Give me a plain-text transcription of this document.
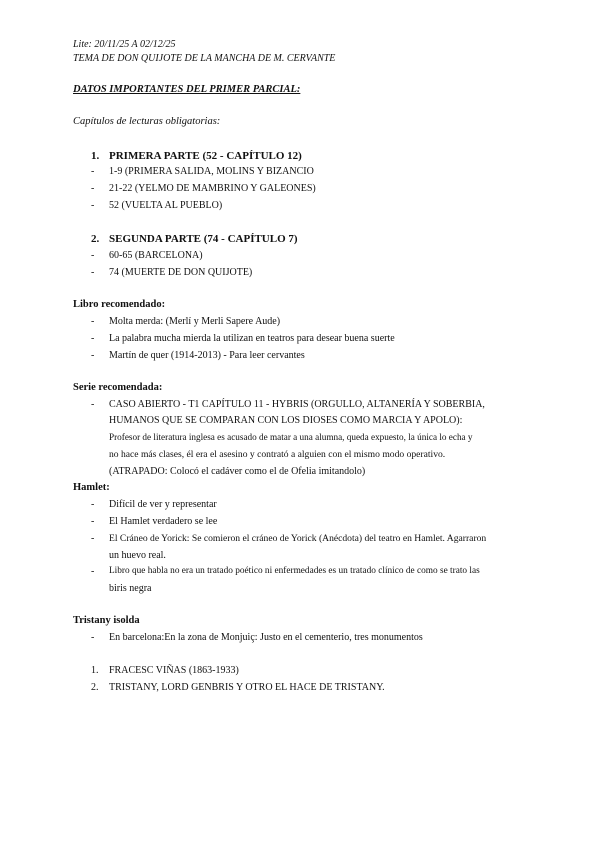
Lite: 20/11/25 A 02/12/25
TEMA DE DON QUIJOTE DE LA MANCHA DE M. CERVANTE
DATOS IMPORTANTES DEL PRIMER PARCIAL:
Capítulos de lecturas obligatorias:
1. PRIMERA PARTE (52 - CAPÍTULO 12)
- 1-9 (PRIMERA SALIDA, MOLINS Y BIZANCIO
- 21-22 (YELMO DE MAMBRINO Y GALEONES)
- 52 (VUELTA AL PUEBLO)
2. SEGUNDA PARTE (74 - CAPÍTULO 7)
- 60-65 (BARCELONA)
- 74 (MUERTE DE DON QUIJOTE)
Libro recomendado:
- Molta merda: (Merlí y Merli Sapere Aude)
- La palabra mucha mierda la utilizan en teatros para desear buena suerte
- Martín de quer (1914-2013) - Para leer cervantes
Serie recomendada:
- CASO ABIERTO - T1 CAPÍTULO 11 - HYBRIS (ORGULLO, ALTANERÍA Y SOBERBIA,
HUMANOS QUE SE COMPARAN CON LOS DIOSES COMO MARCIA Y APOLO):
Profesor de literatura inglesa es acusado de matar a una alumna, queda expuesto, la única lo echa y
no hace más clases, él era el asesino y contrató a alguien con el mismo modo operativo.
(ATRAPADO: Colocó el cadáver como el de Ofelia imitandolo)
Hamlet:
- Difícil de ver y representar
- El Hamlet verdadero se lee
- El Cráneo de Yorick: Se comieron el cráneo de Yorick (Anécdota) del teatro en Hamlet. Agarraron
un huevo real.
- Libro que habla no era un tratado poético ni enfermedades es un tratado clínico de como se trato las
biris negra
Tristany isolda
- En barcelona:En la zona de Monjuiç: Justo en el cementerio, tres monumentos
1. FRACESC VIÑAS (1863-1933)
2. TRISTANY, LORD GENBRIS Y OTRO EL HACE DE TRISTANY.
